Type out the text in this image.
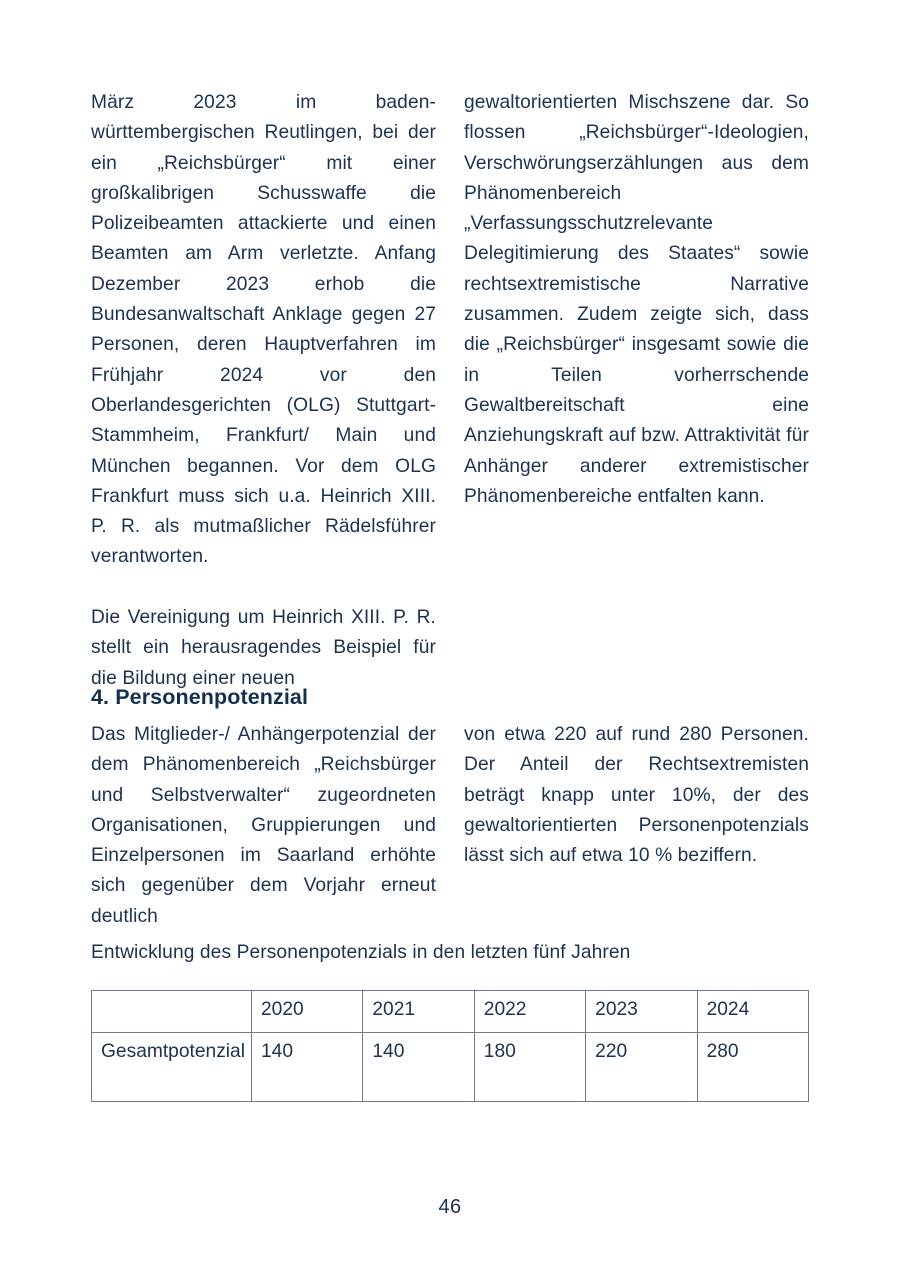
März 2023 im baden-württembergischen Reutlingen, bei der ein „Reichsbürger“ mit einer großkalibrigen Schusswaffe die Polizeibeamten attackierte und einen Beamten am Arm verletzte. Anfang Dezember 2023 erhob die Bundesanwaltschaft Anklage gegen 27 Personen, deren Hauptverfahren im Frühjahr 2024 vor den Oberlandesgerichten (OLG) Stuttgart-Stammheim, Frankfurt/ Main und München begannen. Vor dem OLG Frankfurt muss sich u.a. Heinrich XIII. P. R. als mutmaßlicher Rädelsführer verantworten.

Die Vereinigung um Heinrich XIII. P. R. stellt ein herausragendes Beispiel für die Bildung einer neuen

gewaltorientierten Mischszene dar. So flossen „Reichsbürger“-Ideologien, Verschwörungserzählungen aus dem Phänomenbereich „Verfassungsschutzrelevante Delegitimierung des Staates“ sowie rechtsextremistische Narrative zusammen. Zudem zeigte sich, dass die „Reichsbürger“ insgesamt sowie die in Teilen vorherrschende Gewaltbereitschaft eine Anziehungskraft auf bzw. Attraktivität für Anhänger anderer extremistischer Phänomenbereiche entfalten kann.

4. Personenpotenzial

Das Mitglieder-/ Anhängerpotenzial der dem Phänomenbereich „Reichsbürger und Selbstverwalter“ zugeordneten Organisationen, Gruppierungen und Einzelpersonen im Saarland erhöhte sich gegenüber dem Vorjahr erneut deutlich

von etwa 220 auf rund 280 Personen. Der Anteil der Rechtsextremisten beträgt knapp unter 10%, der des gewaltorientierten Personenpotenzials lässt sich auf etwa 10 % beziffern.

Entwicklung des Personenpotenzials in den letzten fünf Jahren

	2020	2021	2022	2023	2024
Gesamtpotenzial	140	140	180	220	280
46
